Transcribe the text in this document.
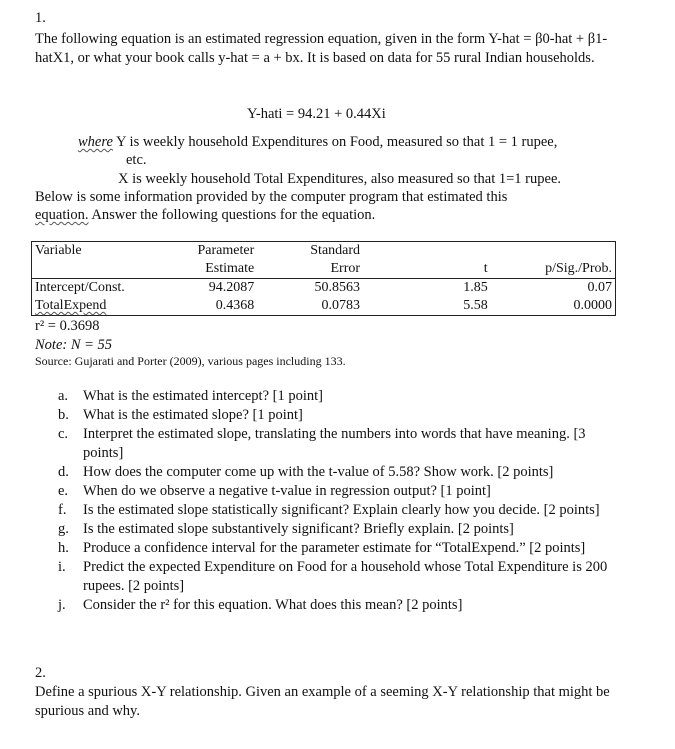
1.
The following equation is an estimated regression equation, given in the form Y-hat = β0-hat + β1-hatX1, or what your book calls y-hat = a + bx. It is based on data for 55 rural Indian households.
Y-hati = 94.21 + 0.44Xi
where Y is weekly household Expenditures on Food, measured so that 1 = 1 rupee,
etc.
X is weekly household Total Expenditures, also measured so that 1=1 rupee.
Below is some information provided by the computer program that estimated this
equation. Answer the following questions for the equation.
Variable	Parameter	Standard		
	Estimate	Error	t	p/Sig./Prob.
Intercept/Const.	94.2087	50.8563	1.85	0.07
TotalExpend	0.4368	0.0783	5.58	0.0000
r² = 0.3698
Note: N = 55
Source: Gujarati and Porter (2009), various pages including 133.
a. What is the estimated intercept? [1 point]
b. What is the estimated slope? [1 point]
c. Interpret the estimated slope, translating the numbers into words that have meaning. [3 points]
d. How does the computer come up with the t-value of 5.58? Show work. [2 points]
e. When do we observe a negative t-value in regression output? [1 point]
f. Is the estimated slope statistically significant? Explain clearly how you decide. [2 points]
g. Is the estimated slope substantively significant? Briefly explain. [2 points]
h. Produce a confidence interval for the parameter estimate for “TotalExpend.” [2 points]
i. Predict the expected Expenditure on Food for a household whose Total Expenditure is 200 rupees. [2 points]
j. Consider the r² for this equation. What does this mean? [2 points]
2.
Define a spurious X-Y relationship. Given an example of a seeming X-Y relationship that might be spurious and why.
